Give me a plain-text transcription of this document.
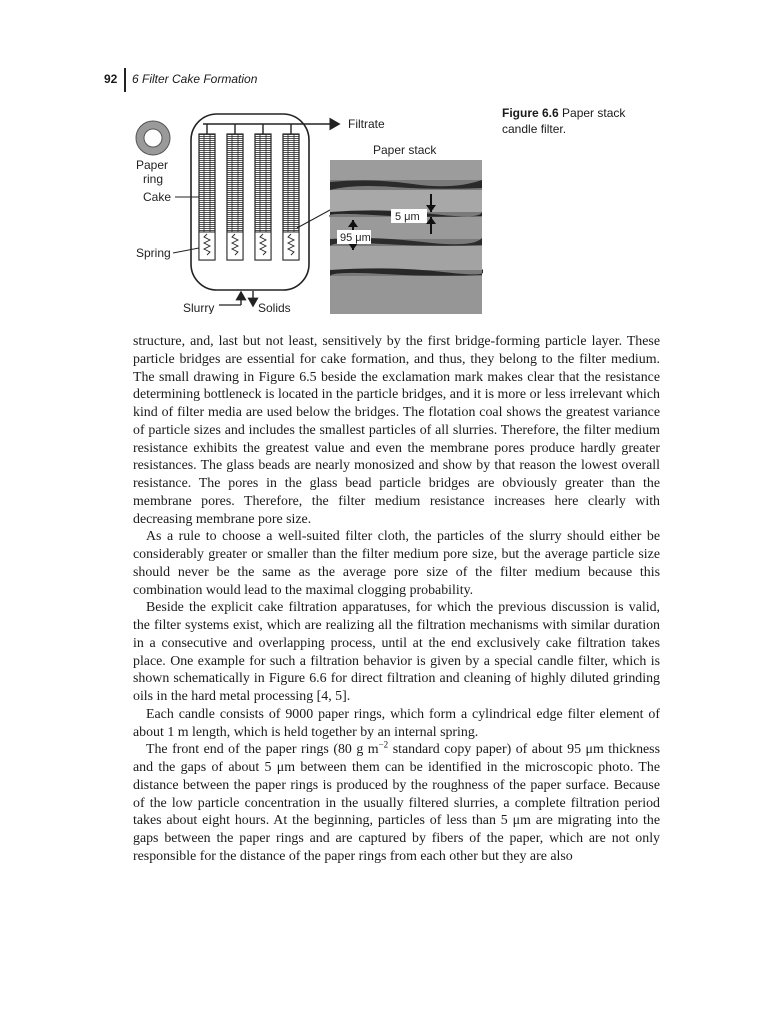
92 6 Filter Cake Formation
Filtrate
Paper stack
Paper
ring
Cake
Spring
Slurry	Solids
5 μm
95 μm
Figure 6.6 Paper stack candle filter.

structure, and, last but not least, sensitively by the first bridge-forming particle layer. These particle bridges are essential for cake formation, and thus, they belong to the filter medium. The small drawing in Figure 6.5 beside the exclamation mark makes clear that the resistance determining bottleneck is located in the particle bridges, and it is more or less irrelevant which kind of filter media are used below the bridges. The flotation coal shows the greatest variance of particle sizes and includes the smallest particles of all slurries. Therefore, the filter medium resistance exhibits the greatest value and even the membrane pores produce hardly greater resistances. The glass beads are nearly monosized and show by that reason the lowest overall resistance. The pores in the glass bead particle bridges are obviously greater than the membrane pores. Therefore, the filter medium resistance increases here clearly with decreasing membrane pore size.

As a rule to choose a well-suited filter cloth, the particles of the slurry should either be considerably greater or smaller than the filter medium pore size, but the average particle size should never be the same as the average pore size of the filter medium because this combination would lead to the maximal clogging probability.

Beside the explicit cake filtration apparatuses, for which the previous discussion is valid, the filter systems exist, which are realizing all the filtration mechanisms with similar duration in a consecutive and overlapping process, until at the end exclusively cake filtration takes place. One example for such a filtration behavior is given by a special candle filter, which is shown schematically in Figure 6.6 for direct filtration and cleaning of highly diluted grinding oils in the hard metal processing [4, 5].

Each candle consists of 9000 paper rings, which form a cylindrical edge filter element of about 1 m length, which is held together by an internal spring.

The front end of the paper rings (80 g $m^{-2}$ standard copy paper) of about 95 μm thickness and the gaps of about 5 μm between them can be identified in the microscopic photo. The distance between the paper rings is produced by the roughness of the paper surface. Because of the low particle concentration in the usually filtered slurries, a complete filtration period takes about eight hours. At the beginning, particles of less than 5 μm are migrating into the gaps between the paper rings and are captured by fibers of the paper, which are not only responsible for the distance of the paper rings from each other but they are also
